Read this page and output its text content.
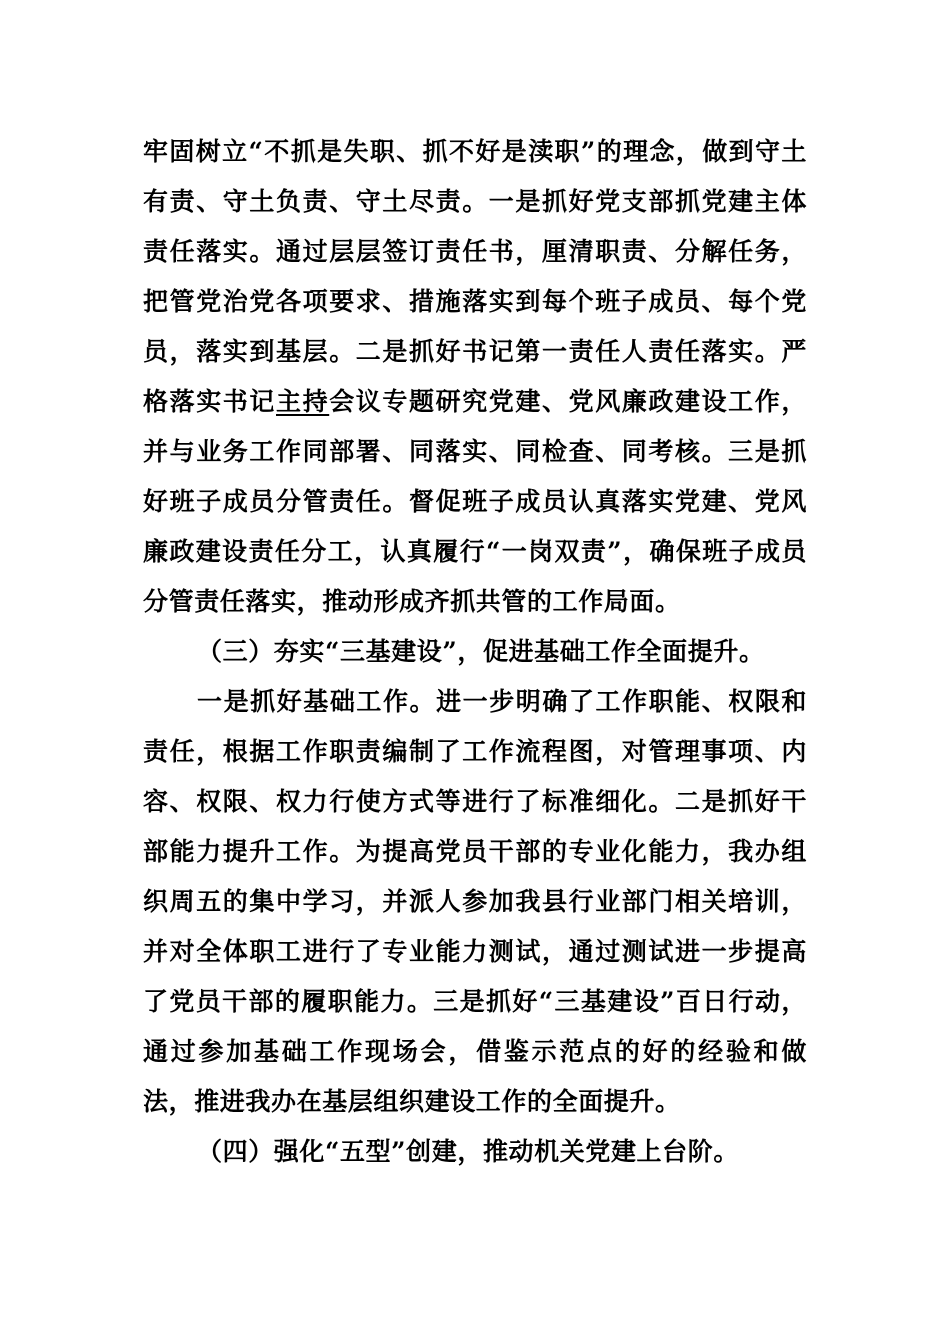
牢固树立“不抓是失职、抓不好是渎职”的理念，做到守土有责、守土负责、守土尽责。一是抓好党支部抓党建主体责任落实。通过层层签订责任书，厘清职责、分解任务，把管党治党各项要求、措施落实到每个班子成员、每个党员，落实到基层。二是抓好书记第一责任人责任落实。严格落实书记主持会议专题研究党建、党风廉政建设工作，并与业务工作同部署、同落实、同检查、同考核。三是抓好班子成员分管责任。督促班子成员认真落实党建、党风廉政建设责任分工，认真履行“一岗双责”，确保班子成员分管责任落实，推动形成齐抓共管的工作局面。

（三）夯实“三基建设”，促进基础工作全面提升。

一是抓好基础工作。进一步明确了工作职能、权限和责任，根据工作职责编制了工作流程图，对管理事项、内容、权限、权力行使方式等进行了标准细化。二是抓好干部能力提升工作。为提高党员干部的专业化能力，我办组织周五的集中学习，并派人参加我县行业部门相关培训，并对全体职工进行了专业能力测试，通过测试进一步提高了党员干部的履职能力。三是抓好“三基建设”百日行动，通过参加基础工作现场会，借鉴示范点的好的经验和做法，推进我办在基层组织建设工作的全面提升。

（四）强化“五型”创建，推动机关党建上台阶。
